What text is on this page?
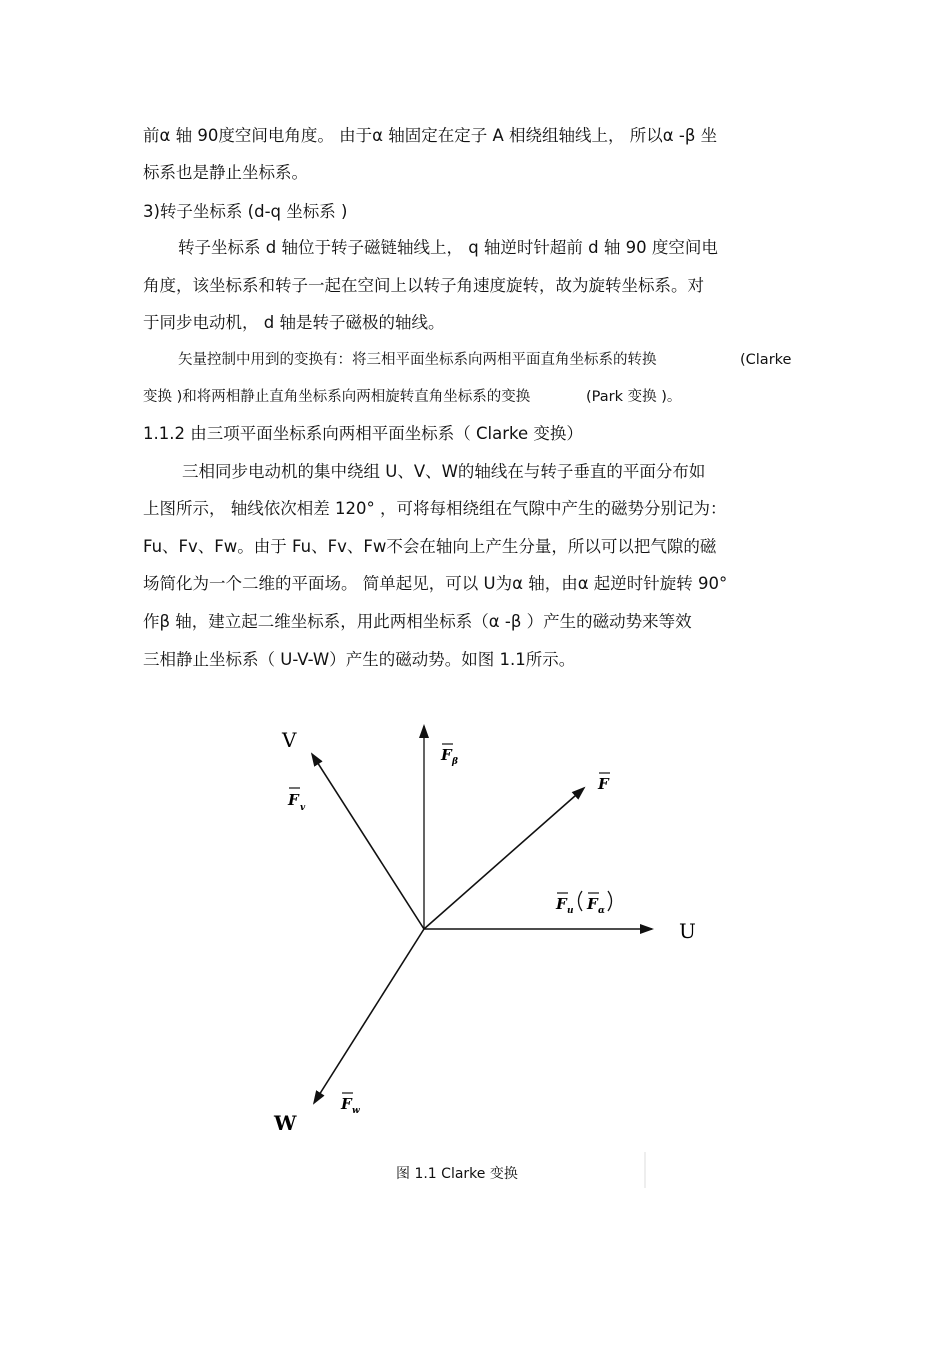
前α 轴 90度空间电角度。 由于α 轴固定在定子 A 相绕组轴线上， 所以α -β 坐
标系也是静止坐标系。
3)转子坐标系 (d-q 坐标系 )
转子坐标系 d 轴位于转子磁链轴线上， q 轴逆时针超前 d 轴 90 度空间电
角度，该坐标系和转子一起在空间上以转子角速度旋转，故为旋转坐标系。对
于同步电动机， d 轴是转子磁极的轴线。
矢量控制中用到的变换有：将三相平面坐标系向两相平面直角坐标系的转换	(Clarke
变换 )和将两相静止直角坐标系向两相旋转直角坐标系的变换	(Park 变换 )。
1.1.2 由三项平面坐标系向两相平面坐标系（ Clarke 变换）
三相同步电动机的集中绕组 U、V、W的轴线在与转子垂直的平面分布如
上图所示， 轴线依次相差 120° ，可将每相绕组在气隙中产生的磁势分别记为：
Fu、Fv、Fw。由于 Fu、Fv、Fw不会在轴向上产生分量，所以可以把气隙的磁
场简化为一个二维的平面场。 简单起见，可以 U为α 轴，由α 起逆时针旋转 90°
作β 轴，建立起二维坐标系，用此两相坐标系（α -β ）产生的磁动势来等效
三相静止坐标系（ U-V-W）产生的磁动势。如图 1.1所示。
U
V
W
F v
F β
F
F u F α
F w
图 1.1 Clarke 变换
